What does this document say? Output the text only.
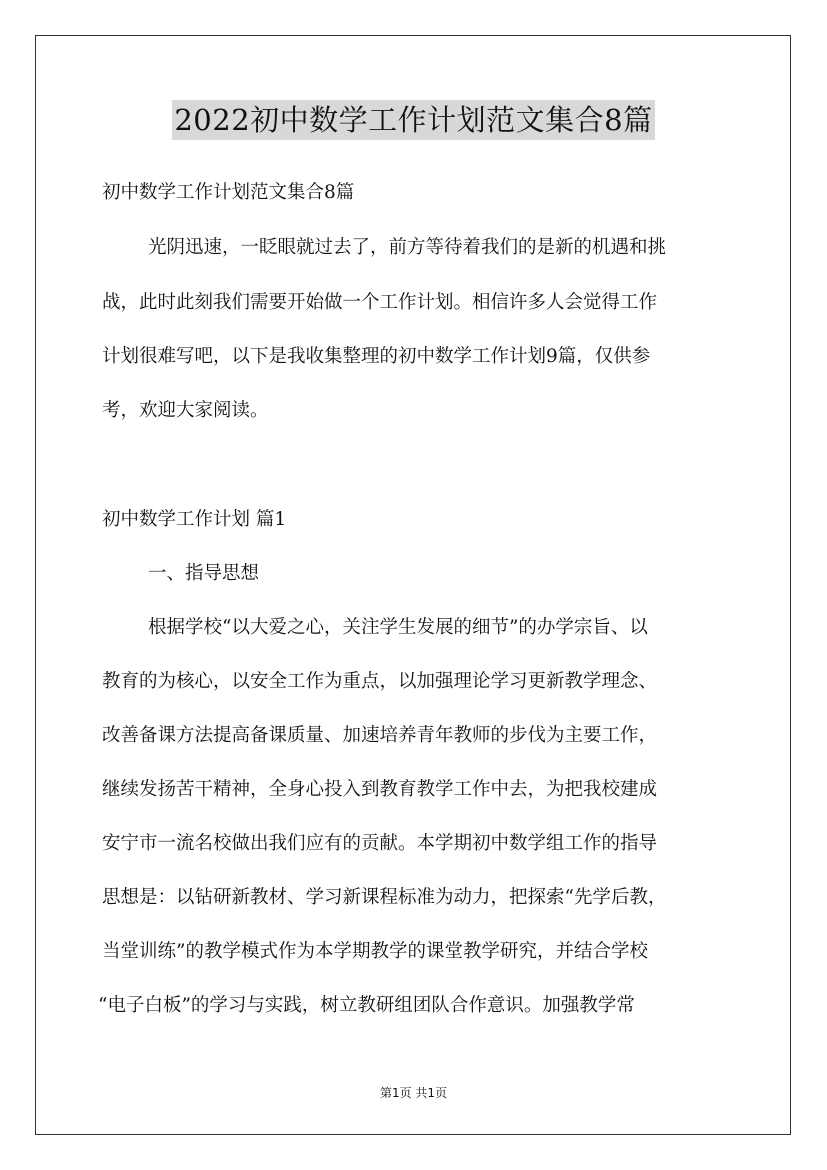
2022初中数学工作计划范文集合8篇
初中数学工作计划范文集合8篇
光阴迅速，一眨眼就过去了，前方等待着我们的是新的机遇和挑
战，此时此刻我们需要开始做一个工作计划。相信许多人会觉得工作
计划很难写吧，以下是我收集整理的初中数学工作计划9篇，仅供参
考，欢迎大家阅读。
初中数学工作计划 篇1
一、指导思想
根据学校“以大爱之心，关注学生发展的细节”的办学宗旨、以
教育的为核心，以安全工作为重点，以加强理论学习更新教学理念、
改善备课方法提高备课质量、加速培养青年教师的步伐为主要工作，
继续发扬苦干精神，全身心投入到教育教学工作中去，为把我校建成
安宁市一流名校做出我们应有的贡献。本学期初中数学组工作的指导
思想是：以钻研新教材、学习新课程标准为动力，把探索“先学后教，
当堂训练”的教学模式作为本学期教学的课堂教学研究，并结合学校
“电子白板”的学习与实践，树立教研组团队合作意识。加强教学常
第1页 共1页
